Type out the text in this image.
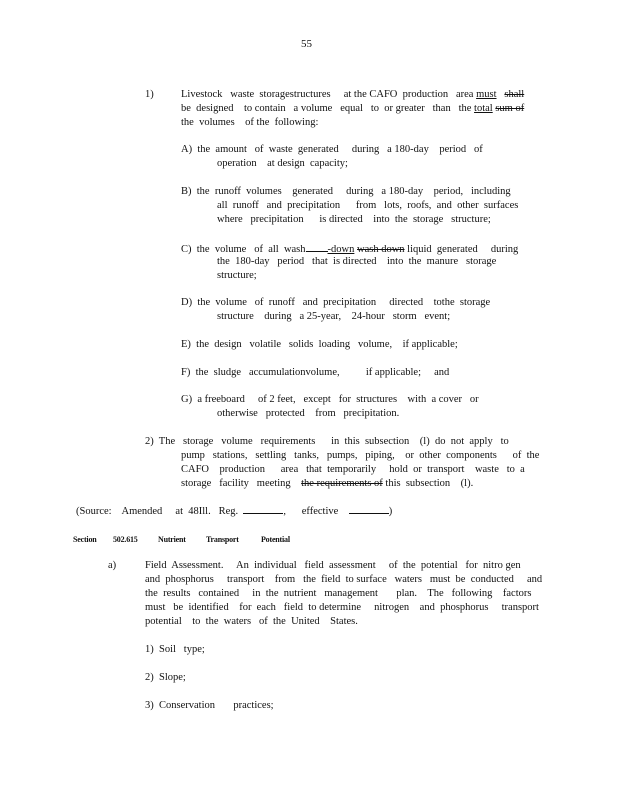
55
1)	Livestock   waste  storagestructures     at the CAFO  production   area must shall
be  designed    to contain   a volume   equal   to  or greater   than   the total sum of
the  volumes    of the  following:
A)  the  amount   of  waste  generated     during   a 180-day    period   of
operation    at design  capacity;
B)  the  runoff  volumes    generated     during   a 180-day    period,   including
all  runoff   and  precipitation      from   lots,  roofs,  and  other  surfaces
where   precipitation      is directed    into  the  storage   structure;
C)  the  volume   of  all  wash -down wash down liquid  generated     during
the  180-day   period   that  is directed    into  the  manure   storage
structure;
D)  the  volume   of  runoff   and  precipitation     directed    tothe  storage
structure    during   a 25-year,    24-hour   storm   event;
E)  the  design   volatile   solids  loading   volume,    if applicable;
F)  the  sludge   accumulationvolume,          if applicable;     and
G)  a freeboard     of 2 feet,   except   for  structures    with  a cover   or
otherwise   protected    from   precipitation.
2)  The   storage   volume   requirements      in  this  subsection    (l)  do  not  apply   to
pump   stations,   settling   tanks,   pumps,   piping,    or  other  components      of  the
CAFO    production      area   that  temporarily     hold  or  transport    waste   to  a
storage   facility   meeting    the requirements of this  subsection    (l).
(Source:    Amended     at  48Ill.   Reg.	,      effective	)
Section 502.615	Nutrient	Transport	Potential
a)	Field  Assessment.     An  individual   field  assessment     of  the  potential   for  nitro gen
and  phosphorus     transport    from   the  field  to surface   waters   must  be  conducted     and
the  results   contained     in  the  nutrient   management       plan.    The   following    factors
must   be  identified    for  each   field  to determine     nitrogen    and  phosphorus     transport
potential    to  the  waters   of  the  United    States.
1)  Soil   type;
2)  Slope;
3)  Conservation       practices;
